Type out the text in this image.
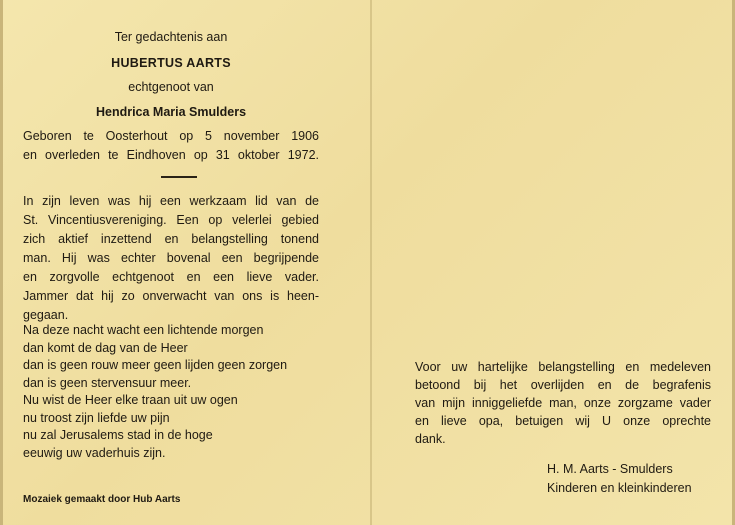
Ter gedachtenis aan
HUBERTUS AARTS
echtgenoot van
Hendrica Maria Smulders
Geboren te Oosterhout op 5 november 1906
en overleden te Eindhoven op 31 oktober 1972.
In zijn leven was hij een werkzaam lid van de
St. Vincentiusvereniging. Een op velerlei gebied
zich aktief inzettend en belangstelling tonend
man. Hij was echter bovenal een begrijpende
en zorgvolle echtgenoot en een lieve vader.
Jammer dat hij zo onverwacht van ons is heen-
gegaan.
Na deze nacht wacht een lichtende morgen
dan komt de dag van de Heer
dan is geen rouw meer geen lijden geen zorgen
dan is geen stervensuur meer.
Nu wist de Heer elke traan uit uw ogen
nu troost zijn liefde uw pijn
nu zal Jerusalems stad in de hoge
eeuwig uw vaderhuis zijn.
Mozaiek gemaakt door Hub Aarts
Voor uw hartelijke belangstelling en medeleven
betoond bij het overlijden en de begrafenis
van mijn inniggeliefde man, onze zorgzame vader
en lieve opa, betuigen wij U onze oprechte
dank.
H. M. Aarts - Smulders
Kinderen en kleinkinderen
